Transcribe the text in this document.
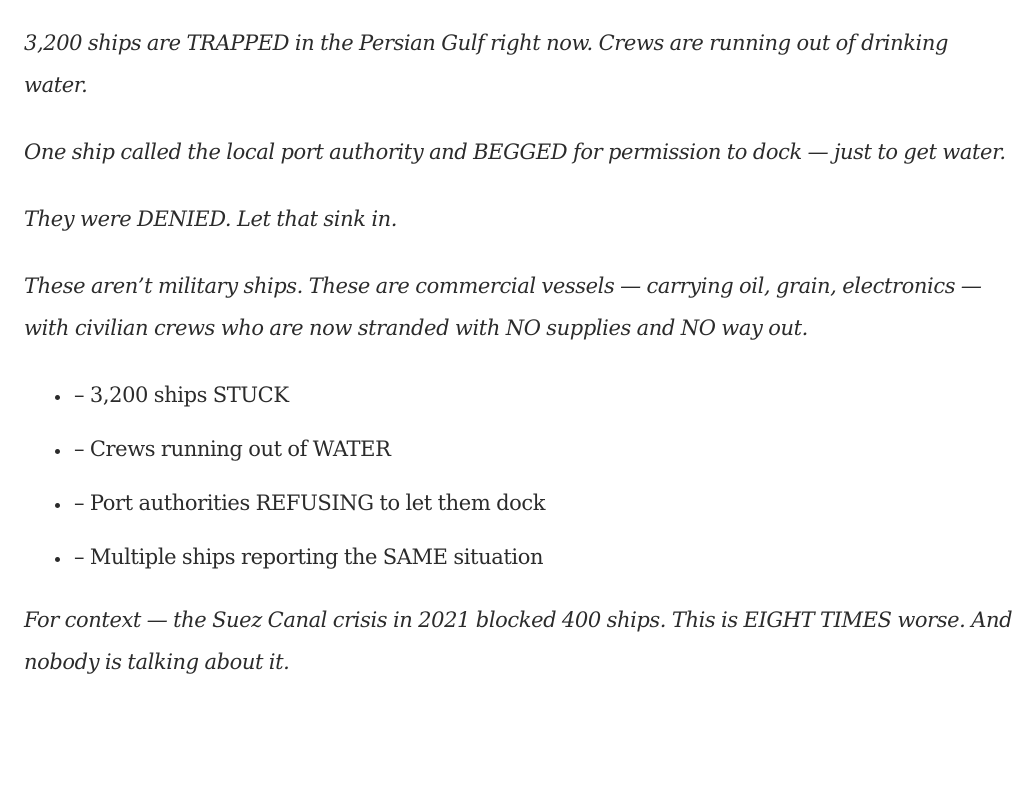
3,200 ships are TRAPPED in the Persian Gulf right now. Crews are running out of drinking water.

One ship called the local port authority and BEGGED for permission to dock — just to get water.

They were DENIED. Let that sink in.

These aren’t military ships. These are commercial vessels — carrying oil, grain, electronics — with civilian crews who are now stranded with NO supplies and NO way out.

• – 3,200 ships STUCK
• – Crews running out of WATER
• – Port authorities REFUSING to let them dock
• – Multiple ships reporting the SAME situation

For context — the Suez Canal crisis in 2021 blocked 400 ships. This is EIGHT TIMES worse. And nobody is talking about it.
